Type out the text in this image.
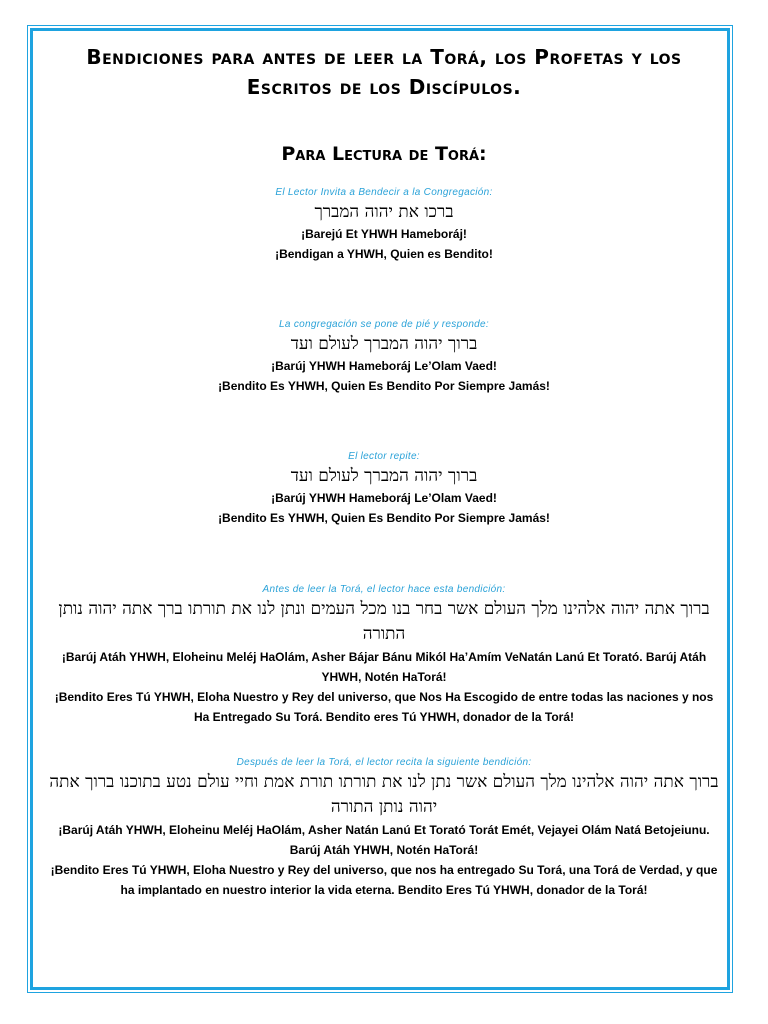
Bendiciones para antes de leer la Torá, los Profetas y los Escritos de los Discípulos.
Para Lectura de Torá:
El Lector Invita a Bendecir a la Congregación:
ברכו את יהוה המברך
¡Barejú Et YHWH Hameboráj!
¡Bendigan a YHWH, Quien es Bendito!
La congregación se pone de pié y responde:
ברוך יהוה המברך לעולם ועד
¡Barúj YHWH Hameboráj Le’Olam Vaed!
¡Bendito Es YHWH, Quien Es Bendito Por Siempre Jamás!
El lector repite:
ברוך יהוה המברך לעולם ועד
¡Barúj YHWH Hameboráj Le’Olam Vaed!
¡Bendito Es YHWH, Quien Es Bendito Por Siempre Jamás!
Antes de leer la Torá, el lector hace esta bendición:
ברוך אתה יהוה אלהינו מלך העולם אשר בחר בנו מכל העמים ונתן לנו את תורתו ברך אתה יהוה נותן התורה
¡Barúj Atáh YHWH, Eloheinu Meléj HaOlám, Asher Bájar Bánu Mikól Ha’Amím VeNatán Lanú Et Torató. Barúj Atáh YHWH, Notén HaTorá!
¡Bendito Eres Tú YHWH, Eloha Nuestro y Rey del universo, que Nos Ha Escogido de entre todas las naciones y nos Ha Entregado Su Torá. Bendito eres Tú YHWH, donador de la Torá!
Después de leer la Torá, el lector recita la siguiente bendición:
ברוך אתה יהוה אלהינו מלך העולם אשר נתן לנו את תורתו תורת אמת וחיי עולם נטע בתוכנו ברוך אתה יהוה נותן התורה
¡Barúj Atáh YHWH, Eloheinu Meléj HaOlám, Asher Natán Lanú Et Torató Torát Emét, Vejayei Olám Natá Betojeiunu. Barúj Atáh YHWH, Notén HaTorá!
¡Bendito Eres Tú YHWH, Eloha Nuestro y Rey del universo, que nos ha entregado Su Torá, una Torá de Verdad, y que ha implantado en nuestro interior la vida eterna. Bendito Eres Tú YHWH, donador de la Torá!
